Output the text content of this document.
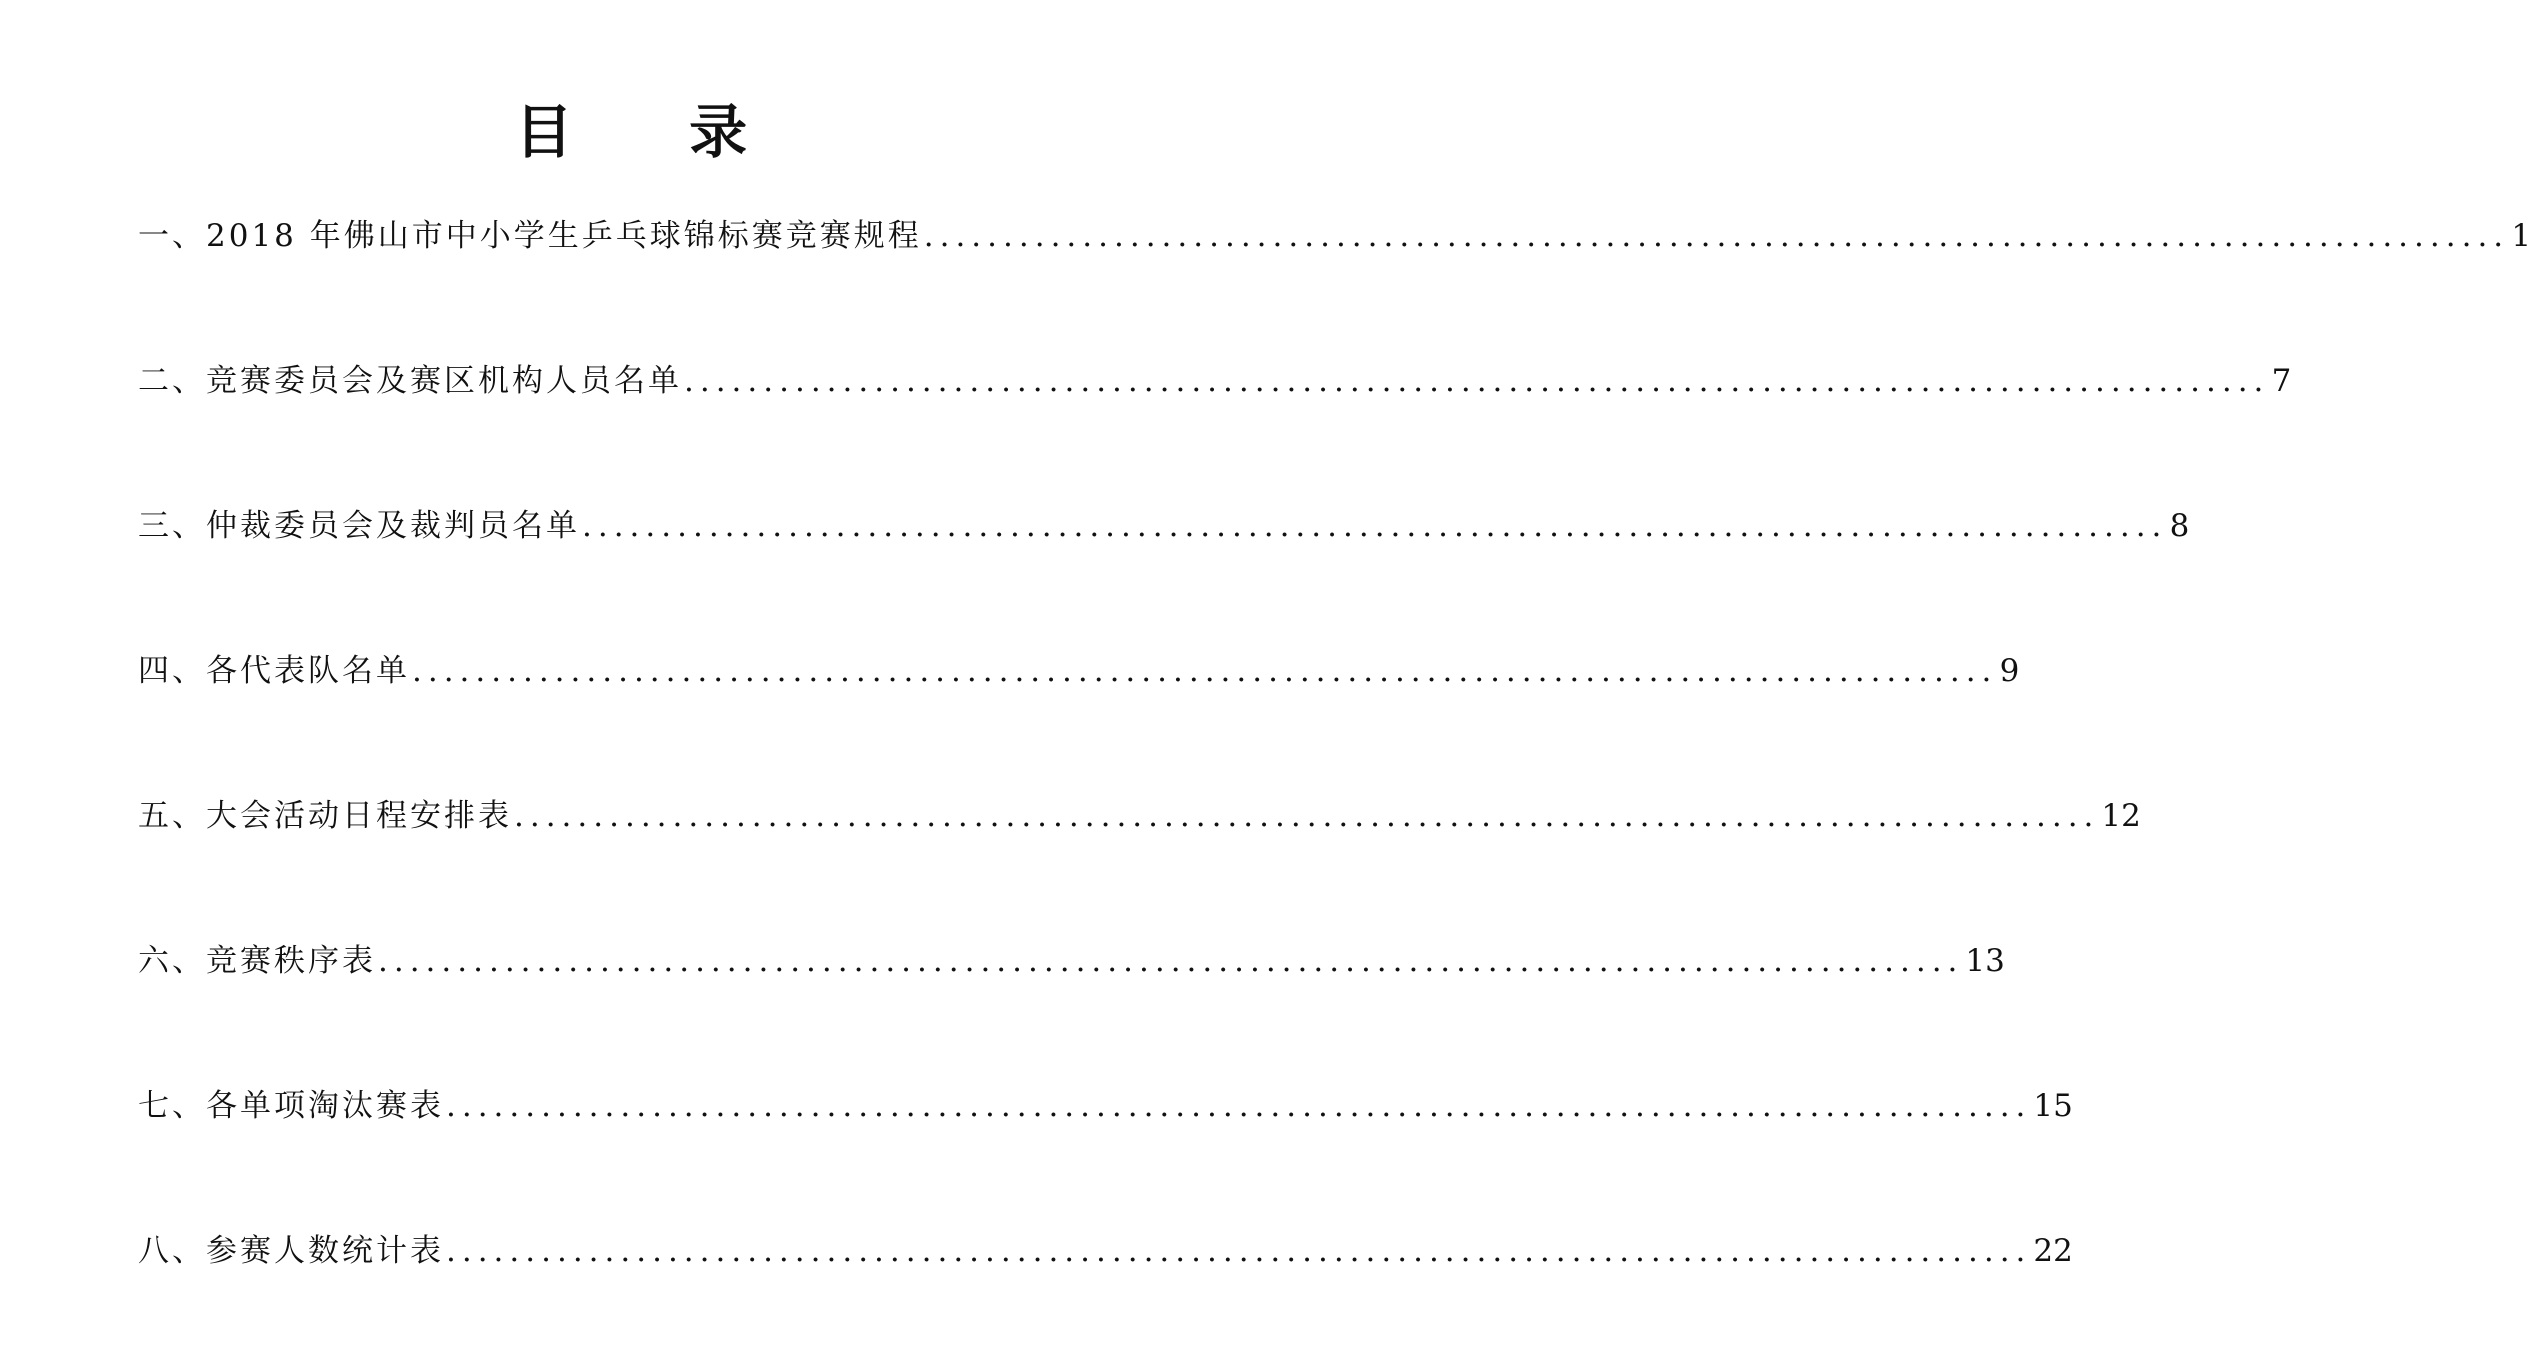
目 录
一、2018 年佛山市中小学生乒乓球锦标赛竞赛规程 .................................................................................................... 1
二、竞赛委员会及赛区机构人员名单 .................................................................................................... 7
三、仲裁委员会及裁判员名单 .................................................................................................... 8
四、各代表队名单 .................................................................................................... 9
五、大会活动日程安排表 .................................................................................................... 12
六、竞赛秩序表 .................................................................................................... 13
七、各单项淘汰赛表 .................................................................................................... 15
八、参赛人数统计表 .................................................................................................... 22
